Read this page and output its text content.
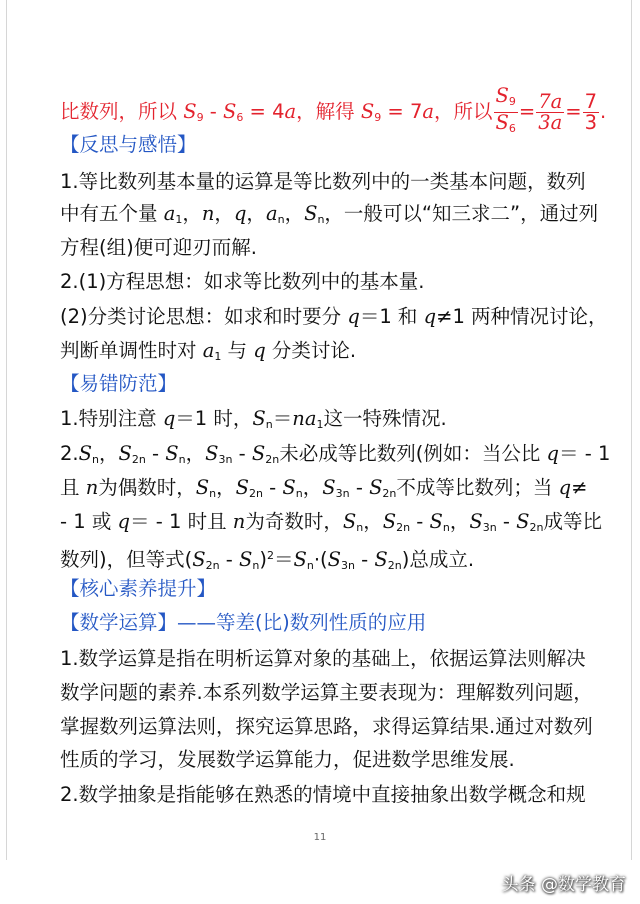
比数列，所以 $S_9 - S_6 = 4a$，解得 $S_9 = 7a$，所以 $\frac{S_9}{S_6} = \frac{7a}{3a} = \frac{7}{3}$ .
【反思与感悟】
1.等比数列基本量的运算是等比数列中的一类基本问题，数列
中有五个量 $a_1$，n，q，$a_n$，$S_n$，一般可以“知三求二”，通过列
方程(组)便可迎刃而解.
2.(1)方程思想：如求等比数列中的基本量.
(2)分类讨论思想：如求和时要分 q＝1 和 q≠1 两种情况讨论，
判断单调性时对 $a_1$ 与 q 分类讨论.
【易错防范】
1.特别注意 q＝1 时，$S_n=na_1$这一特殊情况.
$2.S_n$，$S_{2n} - S_n$，$S_{3n} - S_{2n}$未必成等比数列(例如：当公比 q＝ - 1
且 n为偶数时，$S_n$，$S_{2n} - S_n$，$S_{3n} - S_{2n}$不成等比数列；当 q≠
- 1 或 q＝ - 1 时且 n为奇数时，$S_n$，$S_{2n} - S_n$，$S_{3n} - S_{2n}$成等比
数列)，但等式$(S_{2n} - S_n)^2=S_n\cdot(S_{3n} - S_{2n})$总成立.
【核心素养提升】
【数学运算】——等差(比)数列性质的应用
1.数学运算是指在明析运算对象的基础上，依据运算法则解决
数学问题的素养.本系列数学运算主要表现为：理解数列问题，
掌握数列运算法则，探究运算思路，求得运算结果.通过对数列
性质的学习，发展数学运算能力，促进数学思维发展.
2.数学抽象是指能够在熟悉的情境中直接抽象出数学概念和规
11
头条 @数学教育
